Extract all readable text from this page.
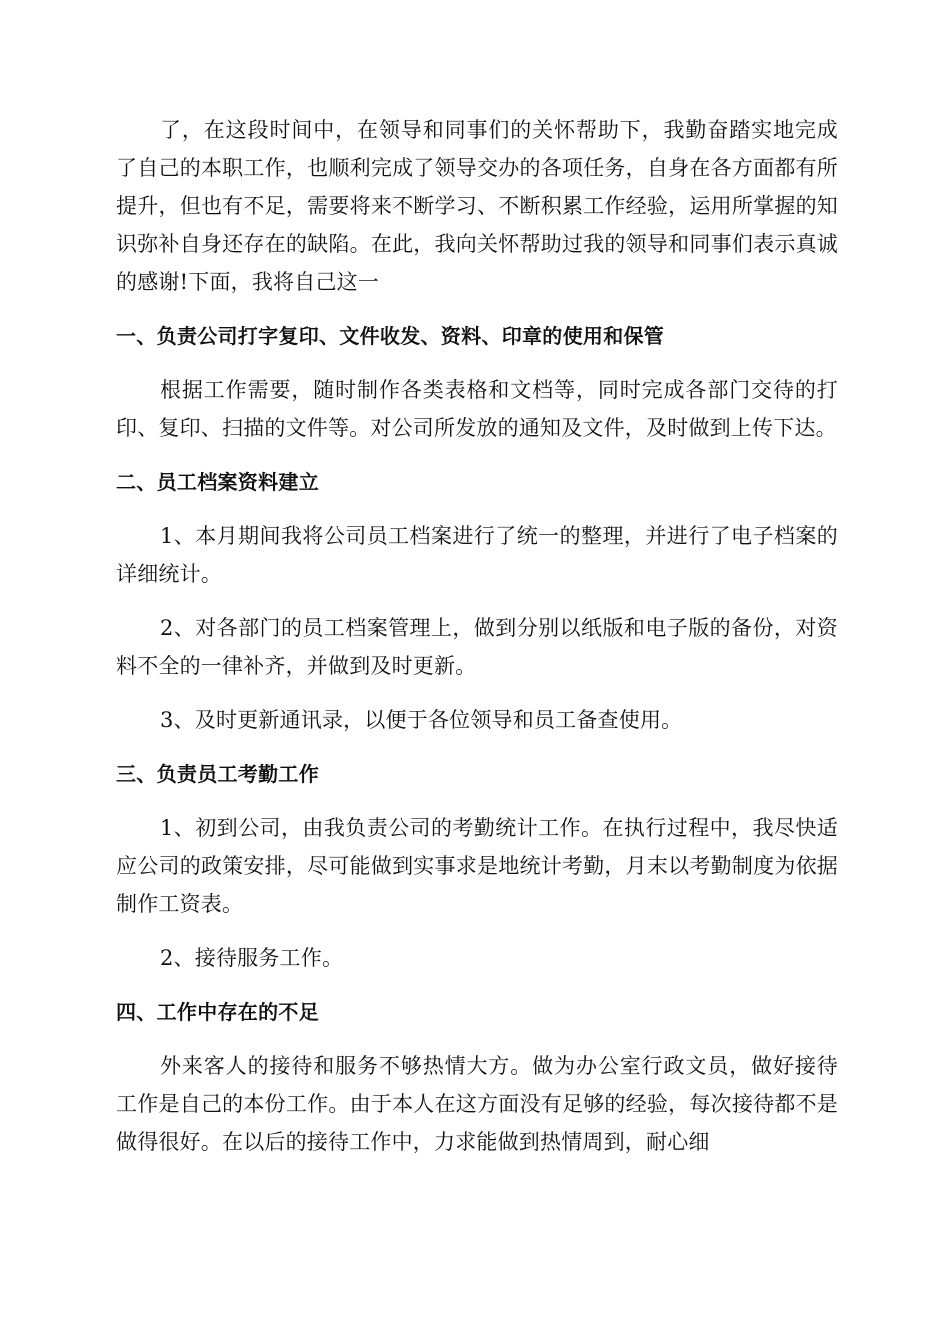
了，在这段时间中，在领导和同事们的关怀帮助下，我勤奋踏实地完成了自己的本职工作，也顺利完成了领导交办的各项任务，自身在各方面都有所提升，但也有不足，需要将来不断学习、不断积累工作经验，运用所掌握的知识弥补自身还存在的缺陷。在此，我向关怀帮助过我的领导和同事们表示真诚的感谢!下面，我将自己这一

一、负责公司打字复印、文件收发、资料、印章的使用和保管

根据工作需要，随时制作各类表格和文档等，同时完成各部门交待的打印、复印、扫描的文件等。对公司所发放的通知及文件，及时做到上传下达。

二、员工档案资料建立

1、本月期间我将公司员工档案进行了统一的整理，并进行了电子档案的详细统计。

2、对各部门的员工档案管理上，做到分别以纸版和电子版的备份，对资料不全的一律补齐，并做到及时更新。

3、及时更新通讯录，以便于各位领导和员工备查使用。

三、负责员工考勤工作

1、初到公司，由我负责公司的考勤统计工作。在执行过程中，我尽快适应公司的政策安排，尽可能做到实事求是地统计考勤，月末以考勤制度为依据制作工资表。

2、接待服务工作。

四、工作中存在的不足

外来客人的接待和服务不够热情大方。做为办公室行政文员，做好接待工作是自己的本份工作。由于本人在这方面没有足够的经验，每次接待都不是做得很好。在以后的接待工作中，力求能做到热情周到，耐心细
